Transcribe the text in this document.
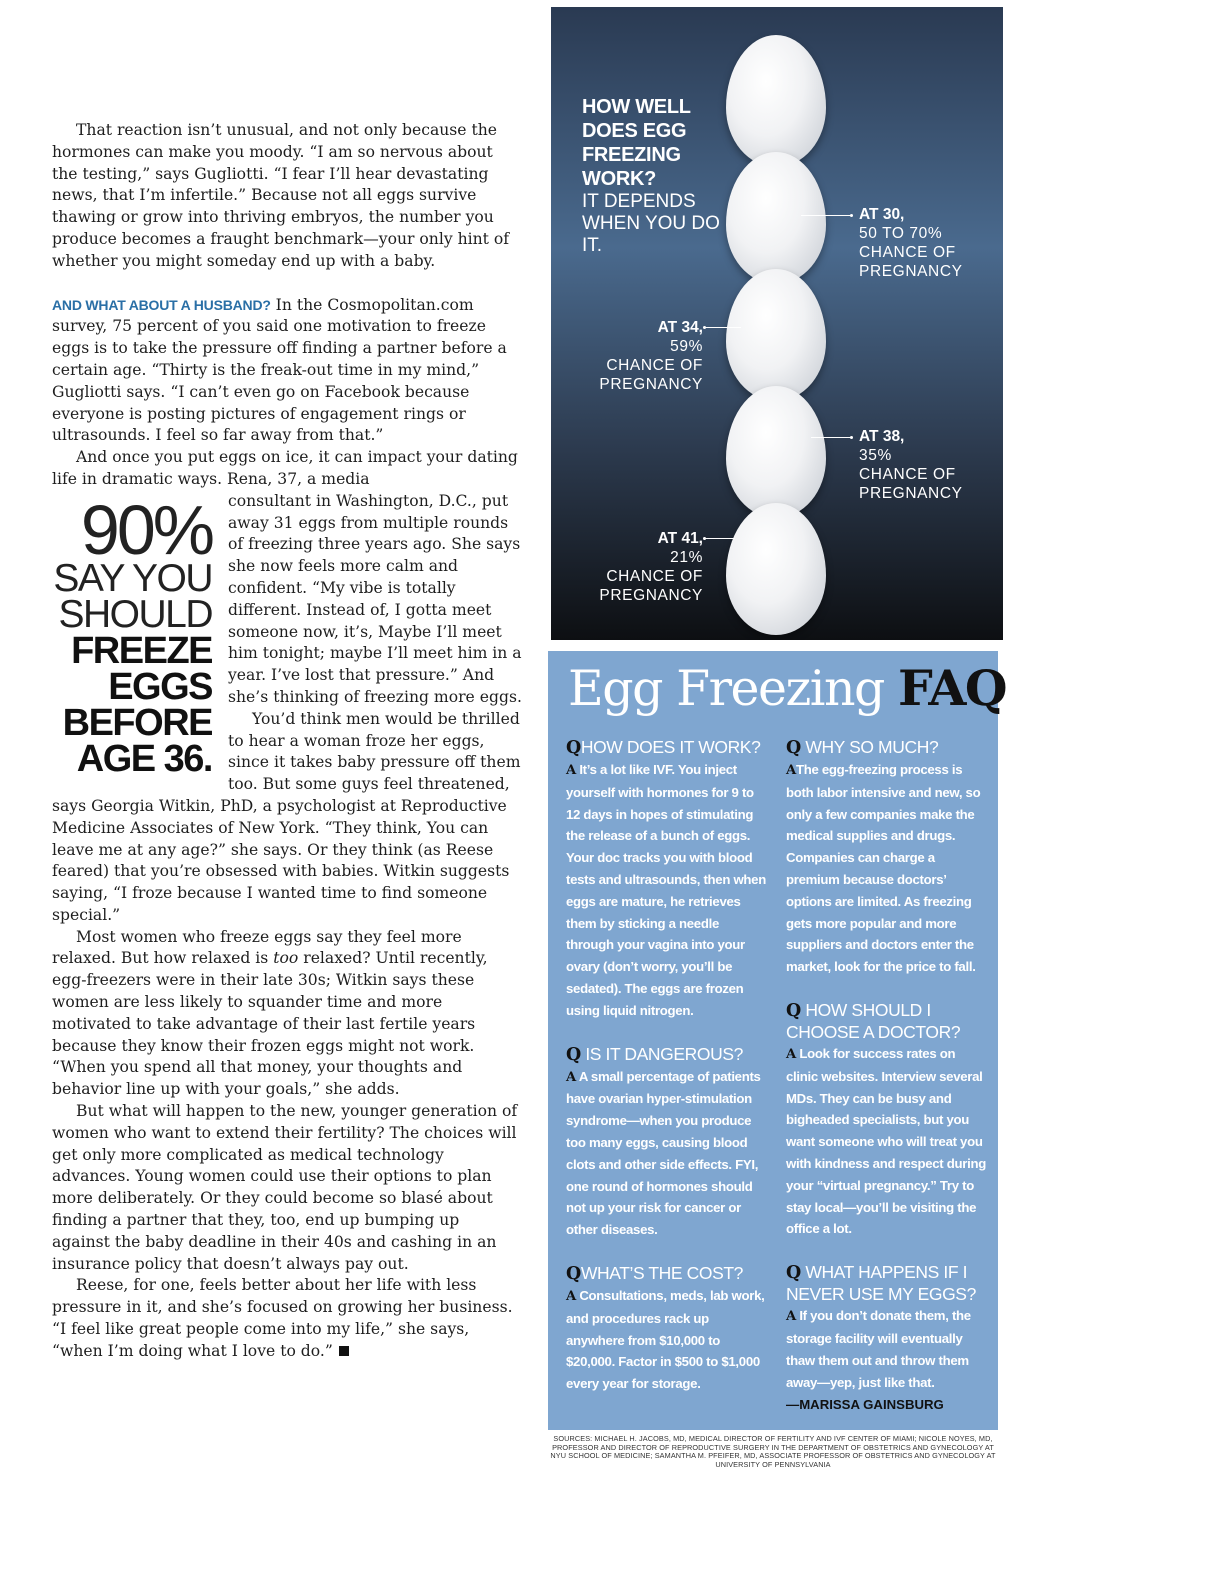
That reaction isn’t unusual, and not only because the hormones can make you moody. “I am so nervous about the testing,” says Gugliotti. “I fear I’ll hear devastating news, that I’m infertile.” Because not all eggs survive thawing or grow into thriving embryos, the number you produce becomes a fraught benchmark—your only hint of whether you might someday end up with a baby.

AND WHAT ABOUT A HUSBAND? In the Cosmopolitan.com survey, 75 percent of you said one motivation to freeze eggs is to take the pressure off finding a partner before a certain age. “Thirty is the freak-out time in my mind,” Gugliotti says. “I can’t even go on Facebook because everyone is posting pictures of engagement rings or ultrasounds. I feel so far away from that.”

And once you put eggs on ice, it can impact your dating life in dramatic ways. Rena, 37, a media

90%
SAY YOU
SHOULD
FREEZE
EGGS
BEFORE
AGE 36.

consultant in Washington, D.C., put away 31 eggs from multiple rounds of freezing three years ago. She says she now feels more calm and confident. “My vibe is totally different. Instead of, I gotta meet someone now, it’s, Maybe I’ll meet him tonight; maybe I’ll meet him in a year. I’ve lost that pressure.” And she’s thinking of freezing more eggs.

You’d think men would be thrilled to hear a woman froze her eggs, since it takes baby pressure off them too. But some guys feel threatened, says Georgia Witkin, PhD, a psychologist at Reproductive Medicine Associates of New York. “They think, You can leave me at any age?” she says. Or they think (as Reese feared) that you’re obsessed with babies. Witkin suggests saying, “I froze because I wanted time to find someone special.”

Most women who freeze eggs say they feel more relaxed. But how relaxed is too relaxed? Until recently, egg-freezers were in their late 30s; Witkin says these women are less likely to squander time and more motivated to take advantage of their last fertile years because they know their frozen eggs might not work. “When you spend all that money, your thoughts and behavior line up with your goals,” she adds.

But what will happen to the new, younger generation of women who want to extend their fertility? The choices will get only more complicated as medical technology advances. Young women could use their options to plan more deliberately. Or they could become so blasé about finding a partner that they, too, end up bumping up against the baby deadline in their 40s and cashing in an insurance policy that doesn’t always pay out.

Reese, for one, feels better about her life with less pressure in it, and she’s focused on growing her business. “I feel like great people come into my life,” she says, “when I’m doing what I love to do.”

HOW WELL DOES EGG FREEZING WORK?
IT DEPENDS WHEN YOU DO IT.
AT 30,
50 TO 70%
CHANCE OF
PREGNANCY
AT 34,
59%
CHANCE OF
PREGNANCY
AT 38,
35%
CHANCE OF
PREGNANCY
AT 41,
21%
CHANCE OF
PREGNANCY
Egg Freezing FAQ
QHOW DOES IT WORK?
A It’s a lot like IVF. You inject yourself with hormones for 9 to 12 days in hopes of stimulating the release of a bunch of eggs. Your doc tracks you with blood tests and ultrasounds, then when eggs are mature, he retrieves them by sticking a needle through your vagina into your ovary (don’t worry, you’ll be sedated). The eggs are frozen using liquid nitrogen.
Q IS IT DANGEROUS?
A A small percentage of patients have ovarian hyper-stimulation syndrome—when you produce too many eggs, causing blood clots and other side effects. FYI, one round of hormones should not up your risk for cancer or other diseases.
QWHAT’S THE COST?
A Consultations, meds, lab work, and procedures rack up anywhere from $10,000 to $20,000. Factor in $500 to $1,000 every year for storage.
Q WHY SO MUCH?
AThe egg-freezing process is both labor intensive and new, so only a few companies make the medical supplies and drugs. Companies can charge a premium because doctors’ options are limited. As freezing gets more popular and more suppliers and doctors enter the market, look for the price to fall.
Q HOW SHOULD I CHOOSE A DOCTOR?
A Look for success rates on clinic websites. Interview several MDs. They can be busy and bigheaded specialists, but you want someone who will treat you with kindness and respect during your “virtual pregnancy.” Try to stay local—you’ll be visiting the office a lot.
Q WHAT HAPPENS IF I NEVER USE MY EGGS?
A If you don’t donate them, the storage facility will eventually thaw them out and throw them away—yep, just like that.
—MARISSA GAINSBURG
SOURCES: MICHAEL H. JACOBS, MD, MEDICAL DIRECTOR OF FERTILITY AND IVF CENTER OF MIAMI; NICOLE NOYES, MD, PROFESSOR AND DIRECTOR OF REPRODUCTIVE SURGERY IN THE DEPARTMENT OF OBSTETRICS AND GYNECOLOGY AT NYU SCHOOL OF MEDICINE; SAMANTHA M. PFEIFER, MD, ASSOCIATE PROFESSOR OF OBSTETRICS AND GYNECOLOGY AT UNIVERSITY OF PENNSYLVANIA
